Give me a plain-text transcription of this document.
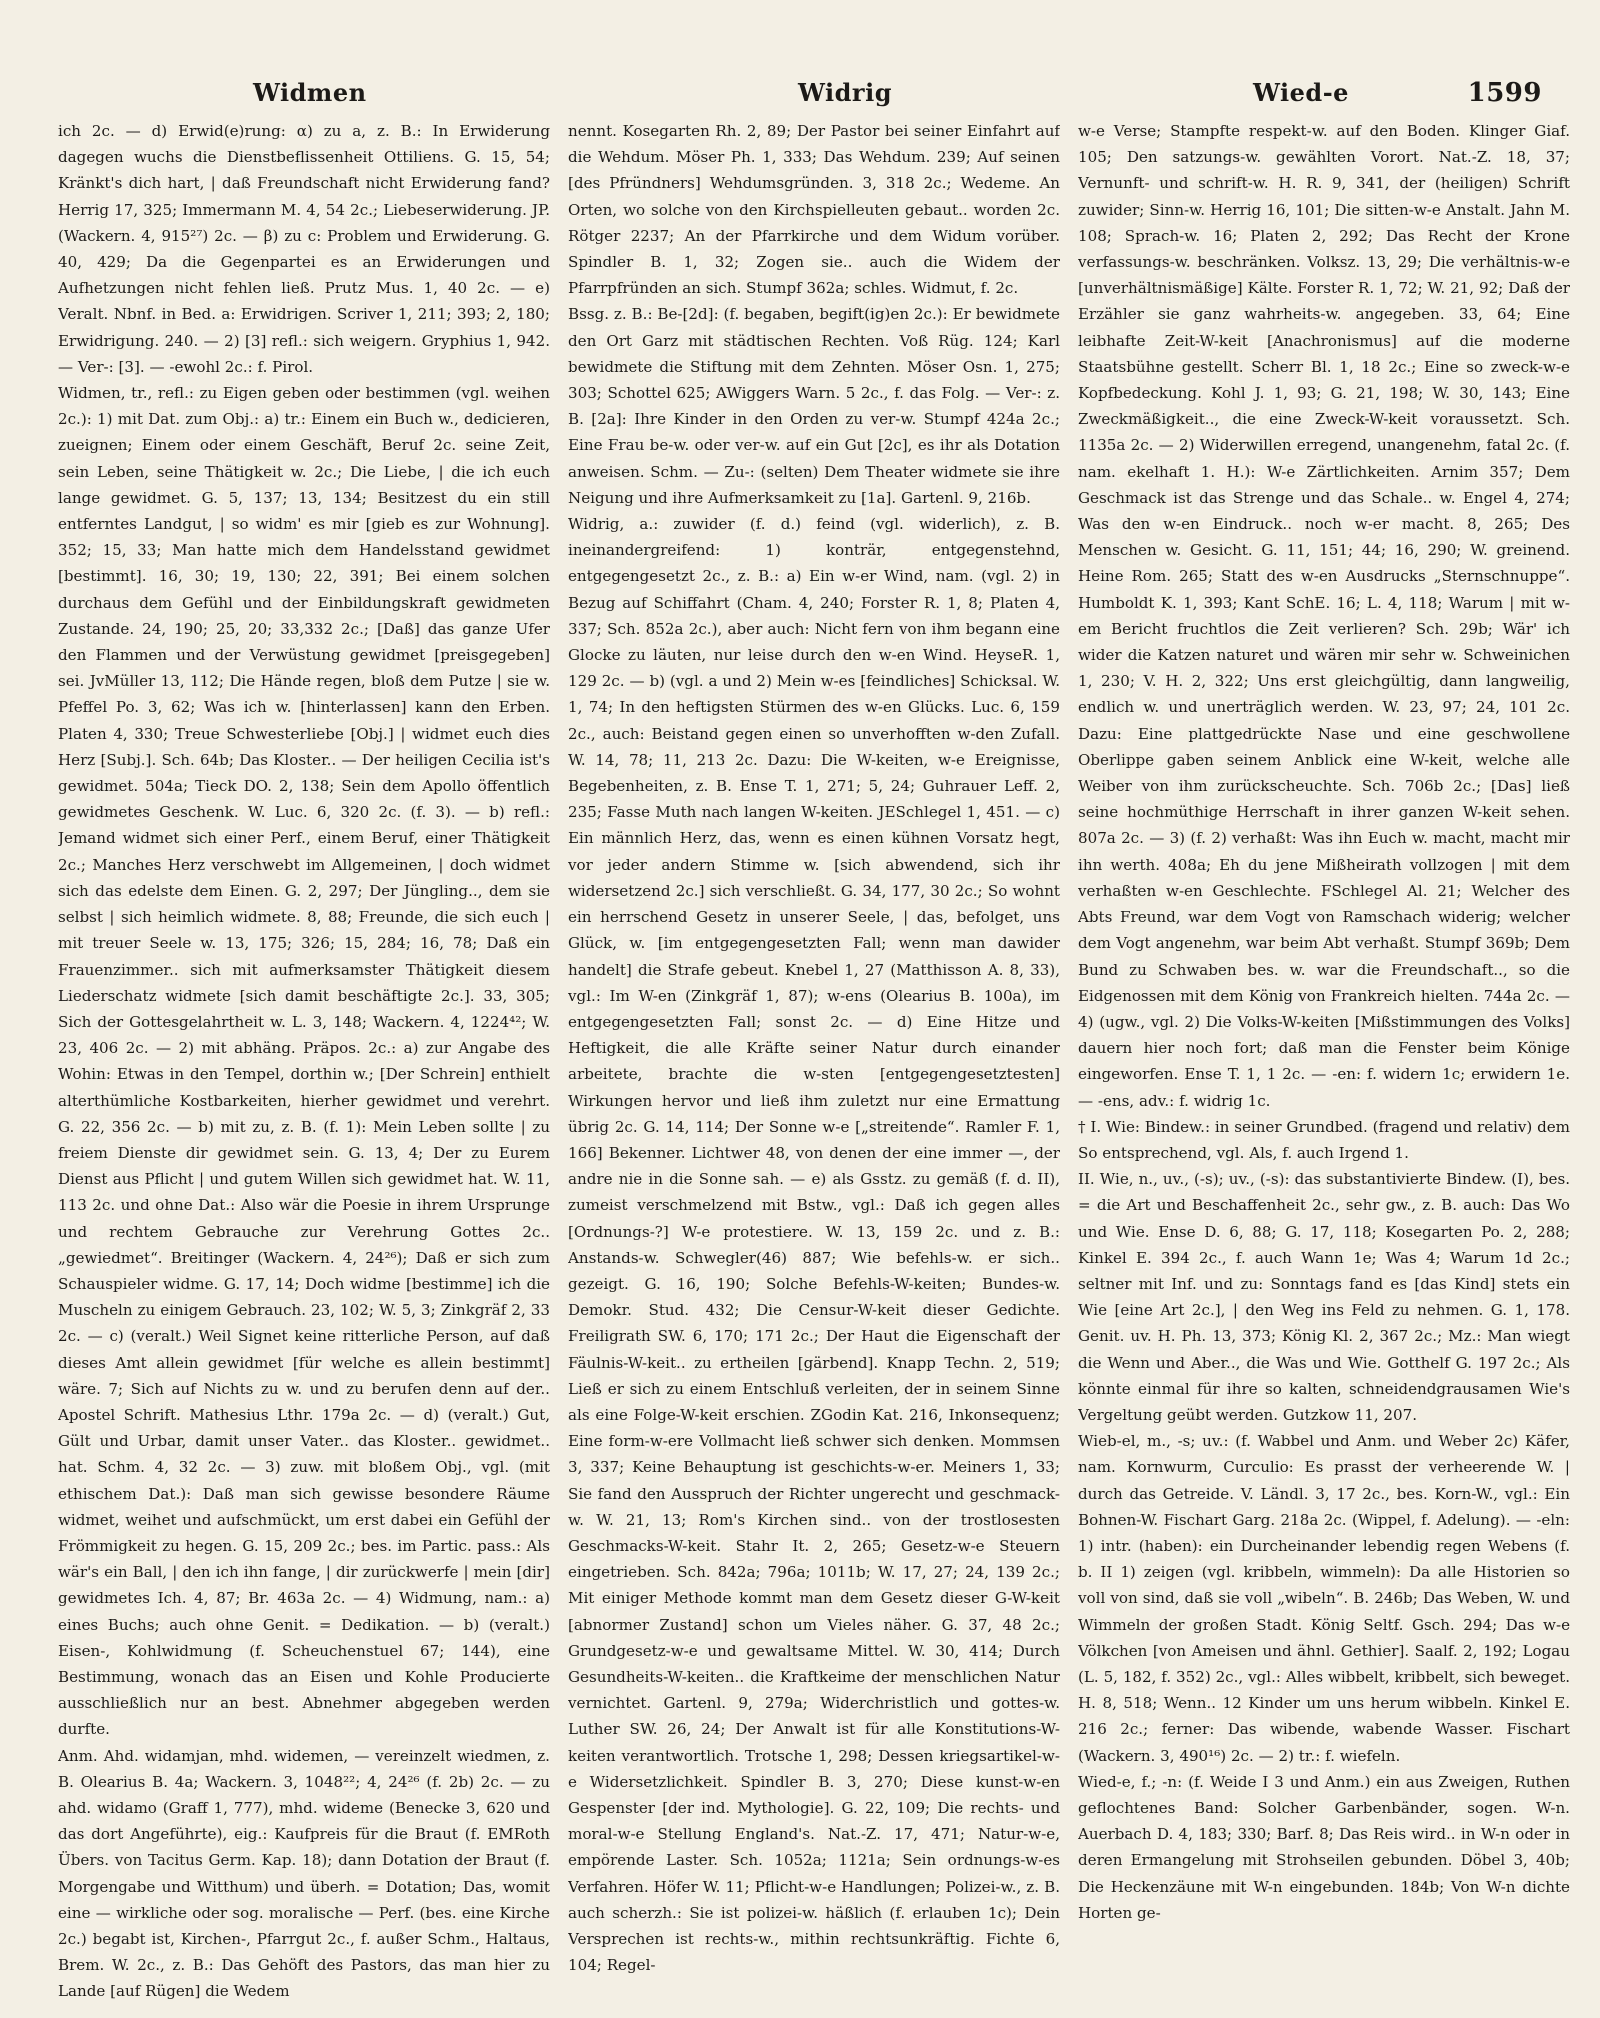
Widmen	Widrig	Wied-e	1599

ich 2c. — d) Erwid(e)rung: α) zu a, z. B.: In Erwiderung dagegen wuchs die Dienstbeflissenheit Ottiliens. G. 15, 54; Kränkt's dich hart, | daß Freundschaft nicht Erwiderung fand? Herrig 17, 325; Immermann M. 4, 54 2c.; Liebeserwiderung. JP. (Wackern. 4, 915²⁷) 2c. — β) zu c: Problem und Erwiderung. G. 40, 429; Da die Gegenpartei es an Erwiderungen und Aufhetzungen nicht fehlen ließ. Prutz Mus. 1, 40 2c. — e) Veralt. Nbnf. in Bed. a: Erwidrigen. Scriver 1, 211; 393; 2, 180; Erwidrigung. 240. — 2) [3] refl.: sich weigern. Gryphius 1, 942. — Ver-: [3]. — -ewohl 2c.: f. Pirol.

Widmen, tr., refl.: zu Eigen geben oder bestimmen (vgl. weihen 2c.): 1) mit Dat. zum Obj.: a) tr.: Einem ein Buch w., dedicieren, zueignen; Einem oder einem Geschäft, Beruf 2c. seine Zeit, sein Leben, seine Thätigkeit w. 2c.; Die Liebe, | die ich euch lange gewidmet. G. 5, 137; 13, 134; Besitzest du ein still entferntes Landgut, | so widm' es mir [gieb es zur Wohnung]. 352; 15, 33; Man hatte mich dem Handelsstand gewidmet [bestimmt]. 16, 30; 19, 130; 22, 391; Bei einem solchen durchaus dem Gefühl und der Einbildungskraft gewidmeten Zustande. 24, 190; 25, 20; 33,332 2c.; [Daß] das ganze Ufer den Flammen und der Verwüstung gewidmet [preisgegeben] sei. JvMüller 13, 112; Die Hände regen, bloß dem Putze | sie w. Pfeffel Po. 3, 62; Was ich w. [hinterlassen] kann den Erben. Platen 4, 330; Treue Schwesterliebe [Obj.] | widmet euch dies Herz [Subj.]. Sch. 64b; Das Kloster.. — Der heiligen Cecilia ist's gewidmet. 504a; Tieck DO. 2, 138; Sein dem Apollo öffentlich gewidmetes Geschenk. W. Luc. 6, 320 2c. (f. 3). — b) refl.: Jemand widmet sich einer Perf., einem Beruf, einer Thätigkeit 2c.; Manches Herz verschwebt im Allgemeinen, | doch widmet sich das edelste dem Einen. G. 2, 297; Der Jüngling.., dem sie selbst | sich heimlich widmete. 8, 88; Freunde, die sich euch | mit treuer Seele w. 13, 175; 326; 15, 284; 16, 78; Daß ein Frauenzimmer.. sich mit aufmerksamster Thätigkeit diesem Liederschatz widmete [sich damit beschäftigte 2c.]. 33, 305; Sich der Gottesgelahrtheit w. L. 3, 148; Wackern. 4, 1224⁴²; W. 23, 406 2c. — 2) mit abhäng. Präpos. 2c.: a) zur Angabe des Wohin: Etwas in den Tempel, dorthin w.; [Der Schrein] enthielt alterthümliche Kostbarkeiten, hierher gewidmet und verehrt. G. 22, 356 2c. — b) mit zu, z. B. (f. 1): Mein Leben sollte | zu freiem Dienste dir gewidmet sein. G. 13, 4; Der zu Eurem Dienst aus Pflicht | und gutem Willen sich gewidmet hat. W. 11, 113 2c. und ohne Dat.: Also wär die Poesie in ihrem Ursprunge und rechtem Gebrauche zur Verehrung Gottes 2c.. „gewiedmet“. Breitinger (Wackern. 4, 24²⁶); Daß er sich zum Schauspieler widme. G. 17, 14; Doch widme [bestimme] ich die Muscheln zu einigem Gebrauch. 23, 102; W. 5, 3; Zinkgräf 2, 33 2c. — c) (veralt.) Weil Signet keine ritterliche Person, auf daß dieses Amt allein gewidmet [für welche es allein bestimmt] wäre. 7; Sich auf Nichts zu w. und zu berufen denn auf der.. Apostel Schrift. Mathesius Lthr. 179a 2c. — d) (veralt.) Gut, Gült und Urbar, damit unser Vater.. das Kloster.. gewidmet.. hat. Schm. 4, 32 2c. — 3) zuw. mit bloßem Obj., vgl. (mit ethischem Dat.): Daß man sich gewisse besondere Räume widmet, weihet und aufschmückt, um erst dabei ein Gefühl der Frömmigkeit zu hegen. G. 15, 209 2c.; bes. im Partic. pass.: Als wär's ein Ball, | den ich ihn fange, | dir zurückwerfe | mein [dir] gewidmetes Ich. 4, 87; Br. 463a 2c. — 4) Widmung, nam.: a) eines Buchs; auch ohne Genit. = Dedikation. — b) (veralt.) Eisen-, Kohlwidmung (f. Scheuchenstuel 67; 144), eine Bestimmung, wonach das an Eisen und Kohle Producierte ausschließlich nur an best. Abnehmer abgegeben werden durfte.

Anm. Ahd. widamjan, mhd. widemen, — vereinzelt wiedmen, z. B. Olearius B. 4a; Wackern. 3, 1048²²; 4, 24²⁶ (f. 2b) 2c. — zu ahd. widamo (Graff 1, 777), mhd. wideme (Benecke 3, 620 und das dort Angeführte), eig.: Kaufpreis für die Braut (f. EMRoth Übers. von Tacitus Germ. Kap. 18); dann Dotation der Braut (f. Morgengabe und Witthum) und überh. = Dotation; Das, womit eine — wirkliche oder sog. moralische — Perf. (bes. eine Kirche 2c.) begabt ist, Kirchen-, Pfarrgut 2c., f. außer Schm., Haltaus, Brem. W. 2c., z. B.: Das Gehöft des Pastors, das man hier zu Lande [auf Rügen] die Wedem

nennt. Kosegarten Rh. 2, 89; Der Pastor bei seiner Einfahrt auf die Wehdum. Möser Ph. 1, 333; Das Wehdum. 239; Auf seinen [des Pfründners] Wehdumsgründen. 3, 318 2c.; Wedeme. An Orten, wo solche von den Kirchspielleuten gebaut.. worden 2c. Rötger 2237; An der Pfarrkirche und dem Widum vorüber. Spindler B. 1, 32; Zogen sie.. auch die Widem der Pfarrpfründen an sich. Stumpf 362a; schles. Widmut, f. 2c.

Bssg. z. B.: Be-[2d]: (f. begaben, begift(ig)en 2c.): Er bewidmete den Ort Garz mit städtischen Rechten. Voß Rüg. 124; Karl bewidmete die Stiftung mit dem Zehnten. Möser Osn. 1, 275; 303; Schottel 625; AWiggers Warn. 5 2c., f. das Folg. — Ver-: z. B. [2a]: Ihre Kinder in den Orden zu ver-w. Stumpf 424a 2c.; Eine Frau be-w. oder ver-w. auf ein Gut [2c], es ihr als Dotation anweisen. Schm. — Zu-: (selten) Dem Theater widmete sie ihre Neigung und ihre Aufmerksamkeit zu [1a]. Gartenl. 9, 216b.

Widrig, a.: zuwider (f. d.) feind (vgl. widerlich), z. B. ineinandergreifend: 1) konträr, entgegenstehnd, entgegengesetzt 2c., z. B.: a) Ein w-er Wind, nam. (vgl. 2) in Bezug auf Schiffahrt (Cham. 4, 240; Forster R. 1, 8; Platen 4, 337; Sch. 852a 2c.), aber auch: Nicht fern von ihm begann eine Glocke zu läuten, nur leise durch den w-en Wind. HeyseR. 1, 129 2c. — b) (vgl. a und 2) Mein w-es [feindliches] Schicksal. W. 1, 74; In den heftigsten Stürmen des w-en Glücks. Luc. 6, 159 2c., auch: Beistand gegen einen so unverhofften w-den Zufall. W. 14, 78; 11, 213 2c. Dazu: Die W-keiten, w-e Ereignisse, Begebenheiten, z. B. Ense T. 1, 271; 5, 24; Guhrauer Leff. 2, 235; Fasse Muth nach langen W-keiten. JESchlegel 1, 451. — c) Ein männlich Herz, das, wenn es einen kühnen Vorsatz hegt, vor jeder andern Stimme w. [sich abwendend, sich ihr widersetzend 2c.] sich verschließt. G. 34, 177, 30 2c.; So wohnt ein herrschend Gesetz in unserer Seele, | das, befolget, uns Glück, w. [im entgegengesetzten Fall; wenn man dawider handelt] die Strafe gebeut. Knebel 1, 27 (Matthisson A. 8, 33), vgl.: Im W-en (Zinkgräf 1, 87); w-ens (Olearius B. 100a), im entgegengesetzten Fall; sonst 2c. — d) Eine Hitze und Heftigkeit, die alle Kräfte seiner Natur durch einander arbeitete, brachte die w-sten [entgegengesetztesten] Wirkungen hervor und ließ ihm zuletzt nur eine Ermattung übrig 2c. G. 14, 114; Der Sonne w-e [„streitende“. Ramler F. 1, 166] Bekenner. Lichtwer 48, von denen der eine immer —, der andre nie in die Sonne sah. — e) als Gsstz. zu gemäß (f. d. II), zumeist verschmelzend mit Bstw., vgl.: Daß ich gegen alles [Ordnungs-?] W-e protestiere. W. 13, 159 2c. und z. B.: Anstands-w. Schwegler(46) 887; Wie befehls-w. er sich.. gezeigt. G. 16, 190; Solche Befehls-W-keiten; Bundes-w. Demokr. Stud. 432; Die Censur-W-keit dieser Gedichte. Freiligrath SW. 6, 170; 171 2c.; Der Haut die Eigenschaft der Fäulnis-W-keit.. zu ertheilen [gärbend]. Knapp Techn. 2, 519; Ließ er sich zu einem Entschluß verleiten, der in seinem Sinne als eine Folge-W-keit erschien. ZGodin Kat. 216, Inkonsequenz; Eine form-w-ere Vollmacht ließ schwer sich denken. Mommsen 3, 337; Keine Behauptung ist geschichts-w-er. Meiners 1, 33; Sie fand den Ausspruch der Richter ungerecht und geschmack-w. W. 21, 13; Rom's Kirchen sind.. von der trostlosesten Geschmacks-W-keit. Stahr It. 2, 265; Gesetz-w-e Steuern eingetrieben. Sch. 842a; 796a; 1011b; W. 17, 27; 24, 139 2c.; Mit einiger Methode kommt man dem Gesetz dieser G-W-keit [abnormer Zustand] schon um Vieles näher. G. 37, 48 2c.; Grundgesetz-w-e und gewaltsame Mittel. W. 30, 414; Durch Gesundheits-W-keiten.. die Kraftkeime der menschlichen Natur vernichtet. Gartenl. 9, 279a; Widerchristlich und gottes-w. Luther SW. 26, 24; Der Anwalt ist für alle Konstitutions-W-keiten verantwortlich. Trotsche 1, 298; Dessen kriegsartikel-w-e Widersetzlichkeit. Spindler B. 3, 270; Diese kunst-w-en Gespenster [der ind. Mythologie]. G. 22, 109; Die rechts- und moral-w-e Stellung England's. Nat.-Z. 17, 471; Natur-w-e, empörende Laster. Sch. 1052a; 1121a; Sein ordnungs-w-es Verfahren. Höfer W. 11; Pflicht-w-e Handlungen; Polizei-w., z. B. auch scherzh.: Sie ist polizei-w. häßlich (f. erlauben 1c); Dein Versprechen ist rechts-w., mithin rechtsunkräftig. Fichte 6, 104; Regel-

w-e Verse; Stampfte respekt-w. auf den Boden. Klinger Giaf. 105; Den satzungs-w. gewählten Vorort. Nat.-Z. 18, 37; Vernunft- und schrift-w. H. R. 9, 341, der (heiligen) Schrift zuwider; Sinn-w. Herrig 16, 101; Die sitten-w-e Anstalt. Jahn M. 108; Sprach-w. 16; Platen 2, 292; Das Recht der Krone verfassungs-w. beschränken. Volksz. 13, 29; Die verhältnis-w-e [unverhältnismäßige] Kälte. Forster R. 1, 72; W. 21, 92; Daß der Erzähler sie ganz wahrheits-w. angegeben. 33, 64; Eine leibhafte Zeit-W-keit [Anachronismus] auf die moderne Staatsbühne gestellt. Scherr Bl. 1, 18 2c.; Eine so zweck-w-e Kopfbedeckung. Kohl J. 1, 93; G. 21, 198; W. 30, 143; Eine Zweckmäßigkeit.., die eine Zweck-W-keit voraussetzt. Sch. 1135a 2c. — 2) Widerwillen erregend, unangenehm, fatal 2c. (f. nam. ekelhaft 1. H.): W-e Zärtlichkeiten. Arnim 357; Dem Geschmack ist das Strenge und das Schale.. w. Engel 4, 274; Was den w-en Eindruck.. noch w-er macht. 8, 265; Des Menschen w. Gesicht. G. 11, 151; 44; 16, 290; W. greinend. Heine Rom. 265; Statt des w-en Ausdrucks „Sternschnuppe“. Humboldt K. 1, 393; Kant SchE. 16; L. 4, 118; Warum | mit w-em Bericht fruchtlos die Zeit verlieren? Sch. 29b; Wär' ich wider die Katzen naturet und wären mir sehr w. Schweinichen 1, 230; V. H. 2, 322; Uns erst gleichgültig, dann langweilig, endlich w. und unerträglich werden. W. 23, 97; 24, 101 2c. Dazu: Eine plattgedrückte Nase und eine geschwollene Oberlippe gaben seinem Anblick eine W-keit, welche alle Weiber von ihm zurückscheuchte. Sch. 706b 2c.; [Das] ließ seine hochmüthige Herrschaft in ihrer ganzen W-keit sehen. 807a 2c. — 3) (f. 2) verhaßt: Was ihn Euch w. macht, macht mir ihn werth. 408a; Eh du jene Mißheirath vollzogen | mit dem verhaßten w-en Geschlechte. FSchlegel Al. 21; Welcher des Abts Freund, war dem Vogt von Ramschach widerig; welcher dem Vogt angenehm, war beim Abt verhaßt. Stumpf 369b; Dem Bund zu Schwaben bes. w. war die Freundschaft.., so die Eidgenossen mit dem König von Frankreich hielten. 744a 2c. — 4) (ugw., vgl. 2) Die Volks-W-keiten [Mißstimmungen des Volks] dauern hier noch fort; daß man die Fenster beim Könige eingeworfen. Ense T. 1, 1 2c. — -en: f. widern 1c; erwidern 1e. — -ens, adv.: f. widrig 1c.

† I. Wie: Bindew.: in seiner Grundbed. (fragend und relativ) dem So entsprechend, vgl. Als, f. auch Irgend 1.

II. Wie, n., uv., (-s); uv., (-s): das substantivierte Bindew. (I), bes. = die Art und Beschaffenheit 2c., sehr gw., z. B. auch: Das Wo und Wie. Ense D. 6, 88; G. 17, 118; Kosegarten Po. 2, 288; Kinkel E. 394 2c., f. auch Wann 1e; Was 4; Warum 1d 2c.; seltner mit Inf. und zu: Sonntags fand es [das Kind] stets ein Wie [eine Art 2c.], | den Weg ins Feld zu nehmen. G. 1, 178. Genit. uv. H. Ph. 13, 373; König Kl. 2, 367 2c.; Mz.: Man wiegt die Wenn und Aber.., die Was und Wie. Gotthelf G. 197 2c.; Als könnte einmal für ihre so kalten, schneidendgrausamen Wie's Vergeltung geübt werden. Gutzkow 11, 207.

Wieb-el, m., -s; uv.: (f. Wabbel und Anm. und Weber 2c) Käfer, nam. Kornwurm, Curculio: Es prasst der verheerende W. | durch das Getreide. V. Ländl. 3, 17 2c., bes. Korn-W., vgl.: Ein Bohnen-W. Fischart Garg. 218a 2c. (Wippel, f. Adelung). — -eln: 1) intr. (haben): ein Durcheinander lebendig regen Webens (f. b. II 1) zeigen (vgl. kribbeln, wimmeln): Da alle Historien so voll von sind, daß sie voll „wibeln“. B. 246b; Das Weben, W. und Wimmeln der großen Stadt. König Seltf. Gsch. 294; Das w-e Völkchen [von Ameisen und ähnl. Gethier]. Saalf. 2, 192; Logau (L. 5, 182, f. 352) 2c., vgl.: Alles wibbelt, kribbelt, sich beweget. H. 8, 518; Wenn.. 12 Kinder um uns herum wibbeln. Kinkel E. 216 2c.; ferner: Das wibende, wabende Wasser. Fischart (Wackern. 3, 490¹⁶) 2c. — 2) tr.: f. wiefeln.

Wied-e, f.; -n: (f. Weide I 3 und Anm.) ein aus Zweigen, Ruthen geflochtenes Band: Solcher Garbenbänder, sogen. W-n. Auerbach D. 4, 183; 330; Barf. 8; Das Reis wird.. in W-n oder in deren Ermangelung mit Strohseilen gebunden. Döbel 3, 40b; Die Heckenzäune mit W-n eingebunden. 184b; Von W-n dichte Horten ge-
